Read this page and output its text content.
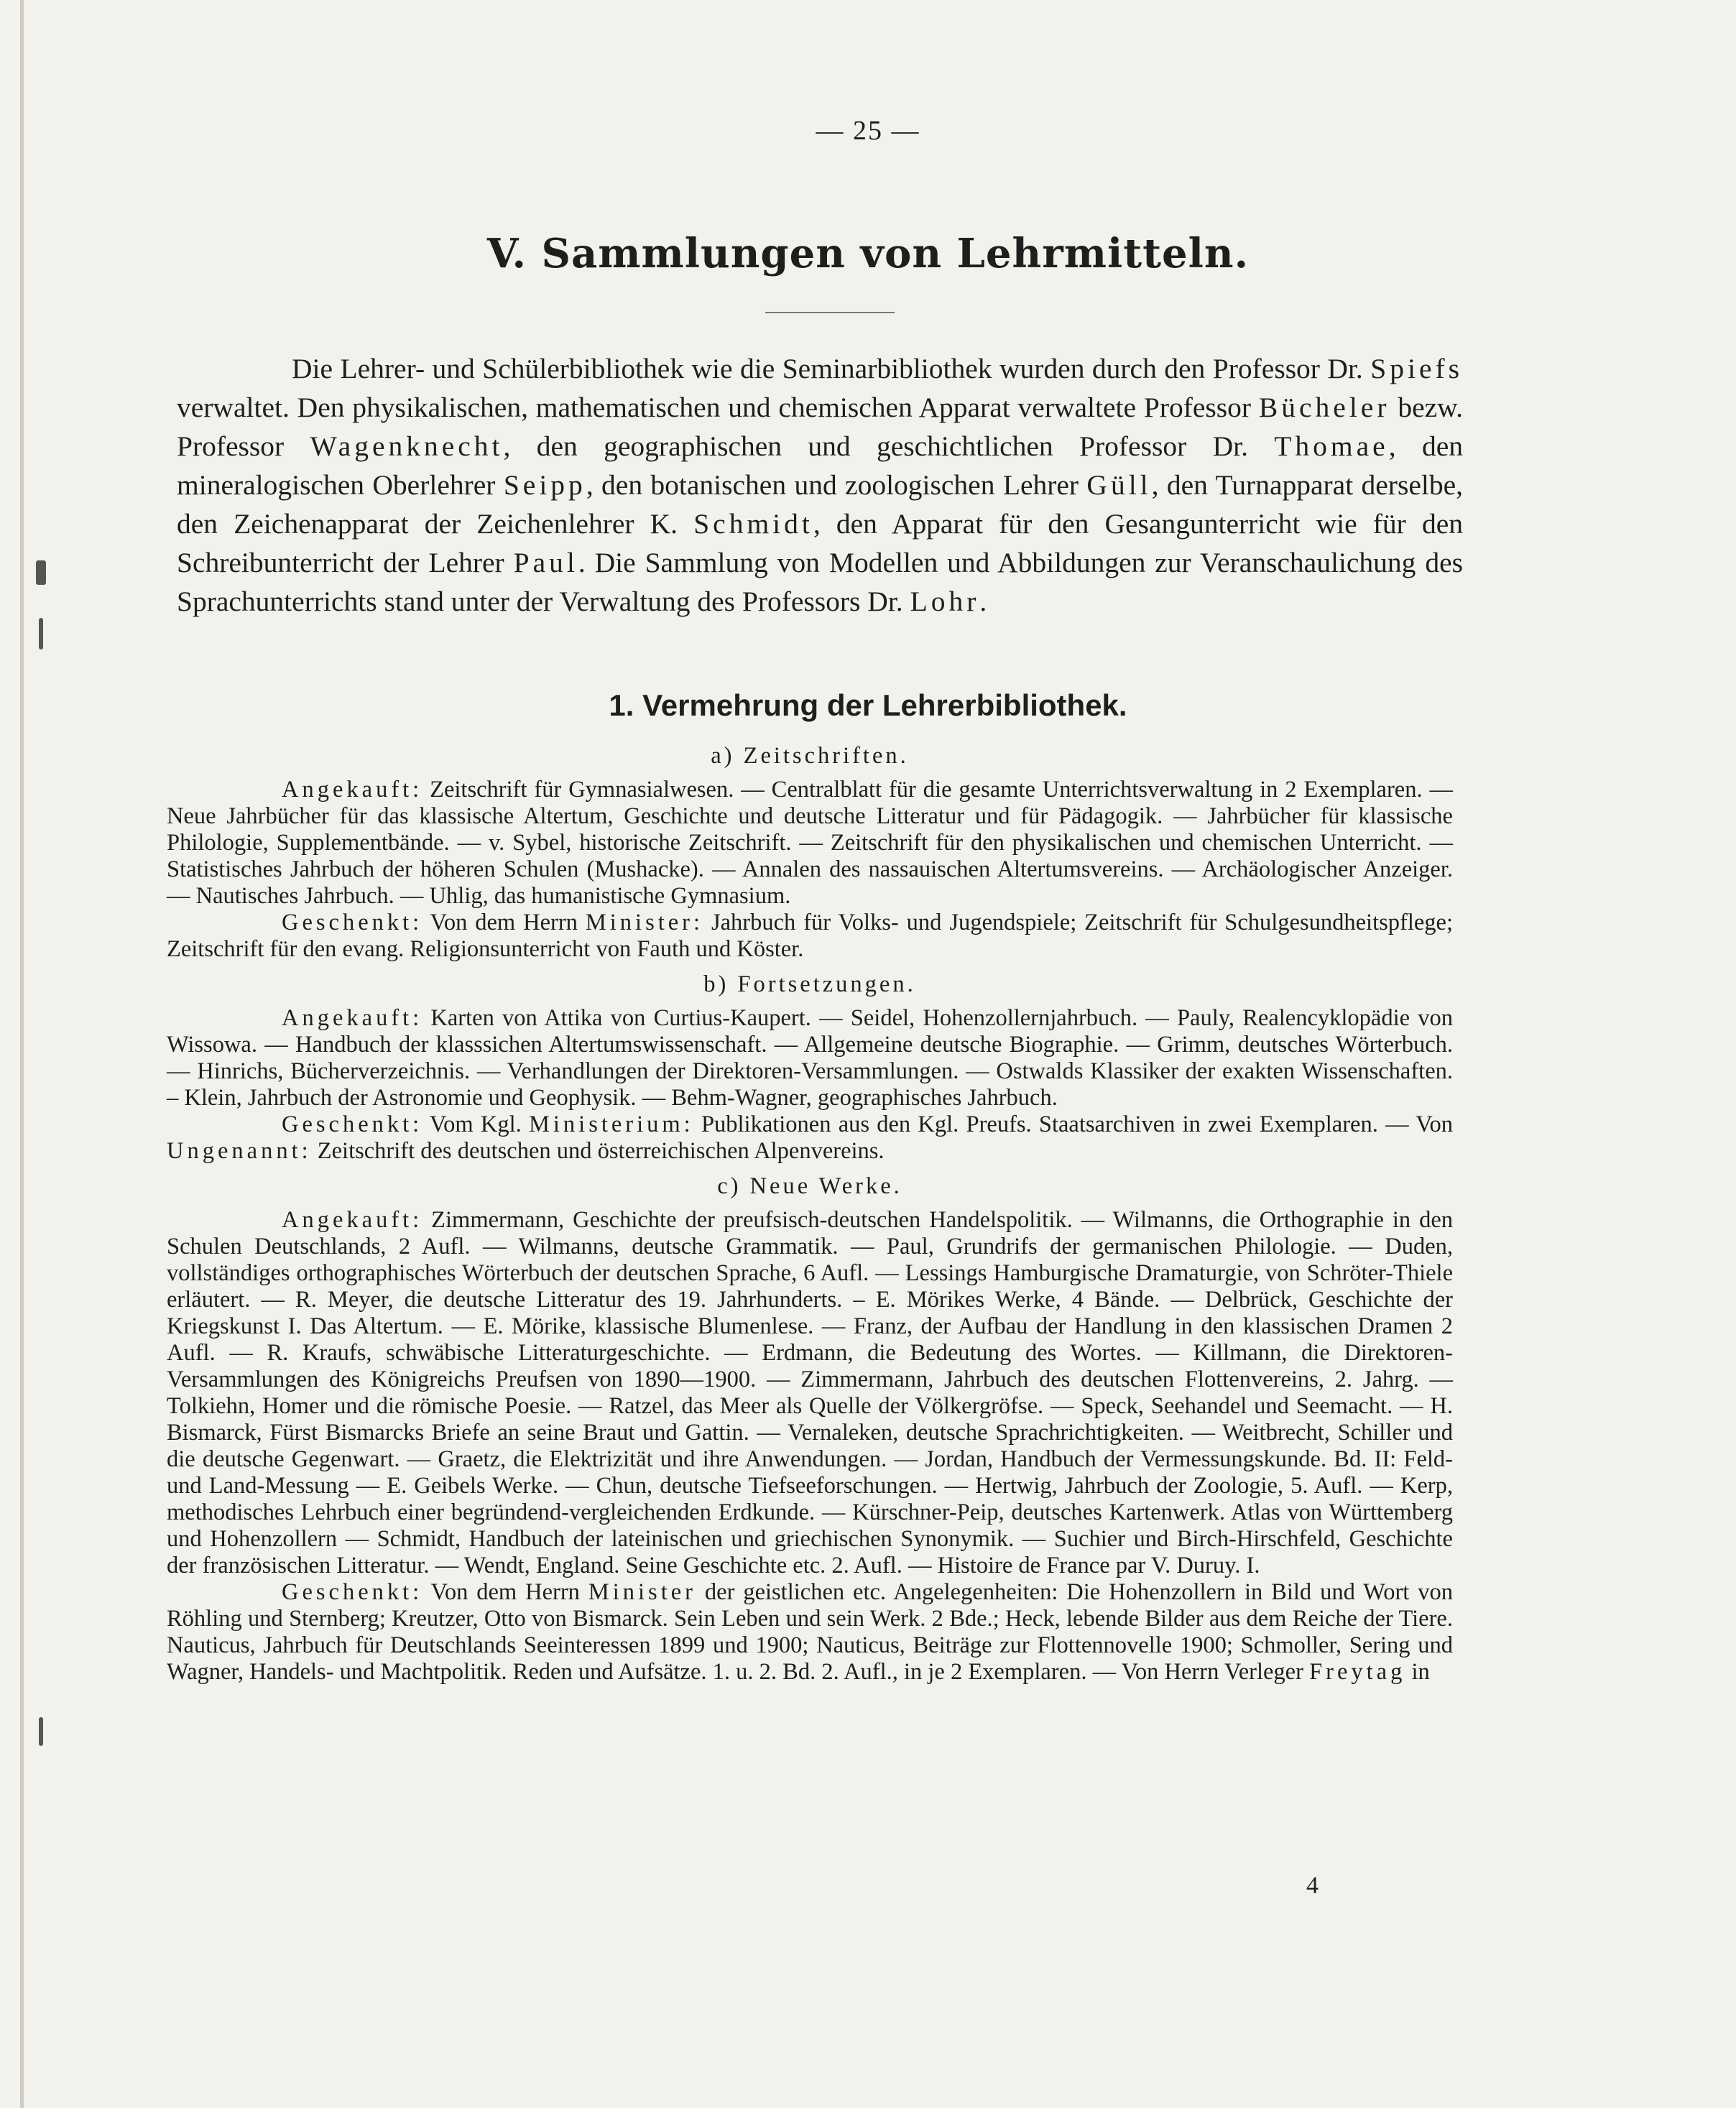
— 25 —
V. Sammlungen von Lehrmitteln.

Die Lehrer- und Schülerbibliothek wie die Seminarbibliothek wurden durch den Professor Dr. Spiefs verwaltet. Den physikalischen, mathematischen und chemischen Apparat verwaltete Professor Bücheler bezw. Professor Wagenknecht, den geographischen und geschichtlichen Professor Dr. Thomae, den mineralogischen Oberlehrer Seipp, den botanischen und zoologischen Lehrer Güll, den Turnapparat derselbe, den Zeichenapparat der Zeichenlehrer K. Schmidt, den Apparat für den Gesangunterricht wie für den Schreibunterricht der Lehrer Paul. Die Sammlung von Modellen und Abbildungen zur Veranschaulichung des Sprachunterrichts stand unter der Verwaltung des Professors Dr. Lohr.

1. Vermehrung der Lehrerbibliothek.

a) Zeitschriften.

Angekauft: Zeitschrift für Gymnasialwesen. — Centralblatt für die gesamte Unterrichtsverwaltung in 2 Exemplaren. — Neue Jahrbücher für das klassische Altertum, Geschichte und deutsche Litteratur und für Pädagogik. — Jahrbücher für klassische Philologie, Supplementbände. — v. Sybel, historische Zeitschrift. — Zeitschrift für den physikalischen und chemischen Unterricht. — Statistisches Jahrbuch der höheren Schulen (Mushacke). — Annalen des nassauischen Altertumsvereins. — Archäologischer Anzeiger. — Nautisches Jahrbuch. — Uhlig, das humanistische Gymnasium.

Geschenkt: Von dem Herrn Minister: Jahrbuch für Volks- und Jugendspiele; Zeitschrift für Schulgesundheitspflege; Zeitschrift für den evang. Religionsunterricht von Fauth und Köster.

b) Fortsetzungen.

Angekauft: Karten von Attika von Curtius-Kaupert. — Seidel, Hohenzollernjahrbuch. — Pauly, Realencyklopädie von Wissowa. — Handbuch der klasssichen Altertumswissenschaft. — Allgemeine deutsche Biographie. — Grimm, deutsches Wörterbuch. — Hinrichs, Bücherverzeichnis. — Verhandlungen der Direktoren-Versammlungen. — Ostwalds Klassiker der exakten Wissenschaften. – Klein, Jahrbuch der Astronomie und Geophysik. — Behm-Wagner, geographisches Jahrbuch.

Geschenkt: Vom Kgl. Ministerium: Publikationen aus den Kgl. Preufs. Staatsarchiven in zwei Exemplaren. — Von Ungenannt: Zeitschrift des deutschen und österreichischen Alpenvereins.

c) Neue Werke.

Angekauft: Zimmermann, Geschichte der preufsisch-deutschen Handelspolitik. — Wilmanns, die Orthographie in den Schulen Deutschlands, 2 Aufl. — Wilmanns, deutsche Grammatik. — Paul, Grundrifs der germanischen Philologie. — Duden, vollständiges orthographisches Wörterbuch der deutschen Sprache, 6 Aufl. — Lessings Hamburgische Dramaturgie, von Schröter-Thiele erläutert. — R. Meyer, die deutsche Litteratur des 19. Jahrhunderts. – E. Mörikes Werke, 4 Bände. — Delbrück, Geschichte der Kriegskunst I. Das Altertum. — E. Mörike, klassische Blumenlese. — Franz, der Aufbau der Handlung in den klassischen Dramen 2 Aufl. — R. Kraufs, schwäbische Litteraturgeschichte. — Erdmann, die Bedeutung des Wortes. — Killmann, die Direktoren-Versammlungen des Königreichs Preufsen von 1890—1900. — Zimmermann, Jahrbuch des deutschen Flottenvereins, 2. Jahrg. — Tolkiehn, Homer und die römische Poesie. — Ratzel, das Meer als Quelle der Völkergröfse. — Speck, Seehandel und Seemacht. — H. Bismarck, Fürst Bismarcks Briefe an seine Braut und Gattin. — Vernaleken, deutsche Sprachrichtigkeiten. — Weitbrecht, Schiller und die deutsche Gegenwart. — Graetz, die Elektrizität und ihre Anwendungen. — Jordan, Handbuch der Vermessungskunde. Bd. II: Feld- und Land-Messung — E. Geibels Werke. — Chun, deutsche Tiefseeforschungen. — Hertwig, Jahrbuch der Zoologie, 5. Aufl. — Kerp, methodisches Lehrbuch einer begründend-vergleichenden Erdkunde. — Kürschner-Peip, deutsches Kartenwerk. Atlas von Württemberg und Hohenzollern — Schmidt, Handbuch der lateinischen und griechischen Synonymik. — Suchier und Birch-Hirschfeld, Geschichte der französischen Litteratur. — Wendt, England. Seine Geschichte etc. 2. Aufl. — Histoire de France par V. Duruy. I.

Geschenkt: Von dem Herrn Minister der geistlichen etc. Angelegenheiten: Die Hohenzollern in Bild und Wort von Röhling und Sternberg; Kreutzer, Otto von Bismarck. Sein Leben und sein Werk. 2 Bde.; Heck, lebende Bilder aus dem Reiche der Tiere. Nauticus, Jahrbuch für Deutschlands Seeinteressen 1899 und 1900; Nauticus, Beiträge zur Flottennovelle 1900; Schmoller, Sering und Wagner, Handels- und Machtpolitik. Reden und Aufsätze. 1. u. 2. Bd. 2. Aufl., in je 2 Exemplaren. — Von Herrn Verleger Freytag in

4
